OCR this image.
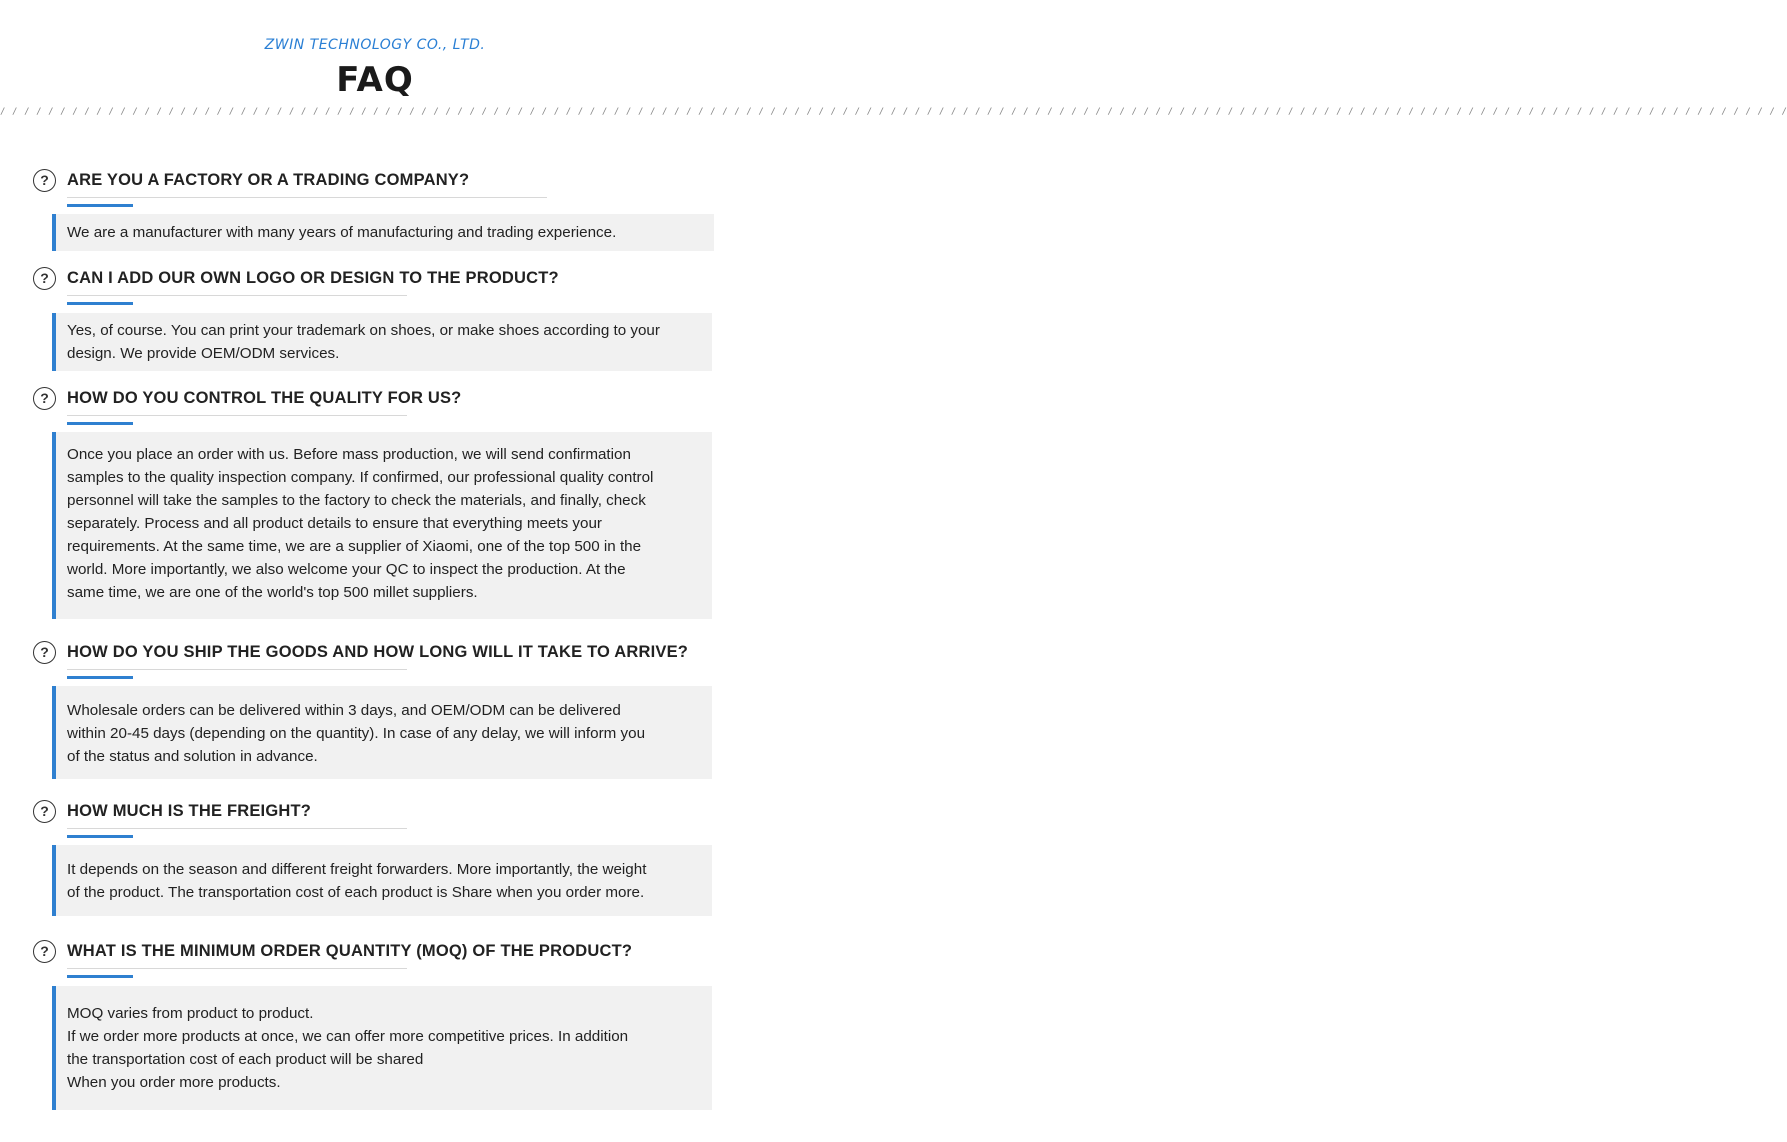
ZWIN TECHNOLOGY CO., LTD.
FAQ
/ / / / / / / / / / / / / / / / / / / / / / / / / / / / / / / / / / / / / / / / / / / / / / / / / / / / / / / / / / / / / / / / / / / / / / / / / / / / / / / / / / / / / / / / / / / / / / / / / / / / / / / / / / / / / / / / / / / / / / / / / / / / / / / / / / / / / / / / / / / / / / / / / / / / /
?	ARE YOU A FACTORY OR A TRADING COMPANY?
We are a manufacturer with many years of manufacturing and trading experience.
?	CAN I ADD OUR OWN LOGO OR DESIGN TO THE PRODUCT?
Yes, of course. You can print your trademark on shoes, or make shoes according to your
design. We provide OEM/ODM services.
?	HOW DO YOU CONTROL THE QUALITY FOR US?
Once you place an order with us. Before mass production, we will send confirmation
samples to the quality inspection company. If confirmed, our professional quality control
personnel will take the samples to the factory to check the materials, and finally, check
separately. Process and all product details to ensure that everything meets your
requirements. At the same time, we are a supplier of Xiaomi, one of the top 500 in the
world. More importantly, we also welcome your QC to inspect the production. At the
same time, we are one of the world's top 500 millet suppliers.
?	HOW DO YOU SHIP THE GOODS AND HOW LONG WILL IT TAKE TO ARRIVE?
Wholesale orders can be delivered within 3 days, and OEM/ODM can be delivered
within 20-45 days (depending on the quantity). In case of any delay, we will inform you
of the status and solution in advance.
?	HOW MUCH IS THE FREIGHT?
It depends on the season and different freight forwarders. More importantly, the weight
of the product. The transportation cost of each product is Share when you order more.
?	WHAT IS THE MINIMUM ORDER QUANTITY (MOQ) OF THE PRODUCT?
MOQ varies from product to product.
If we order more products at once, we can offer more competitive prices. In addition
the transportation cost of each product will be shared
When you order more products.
